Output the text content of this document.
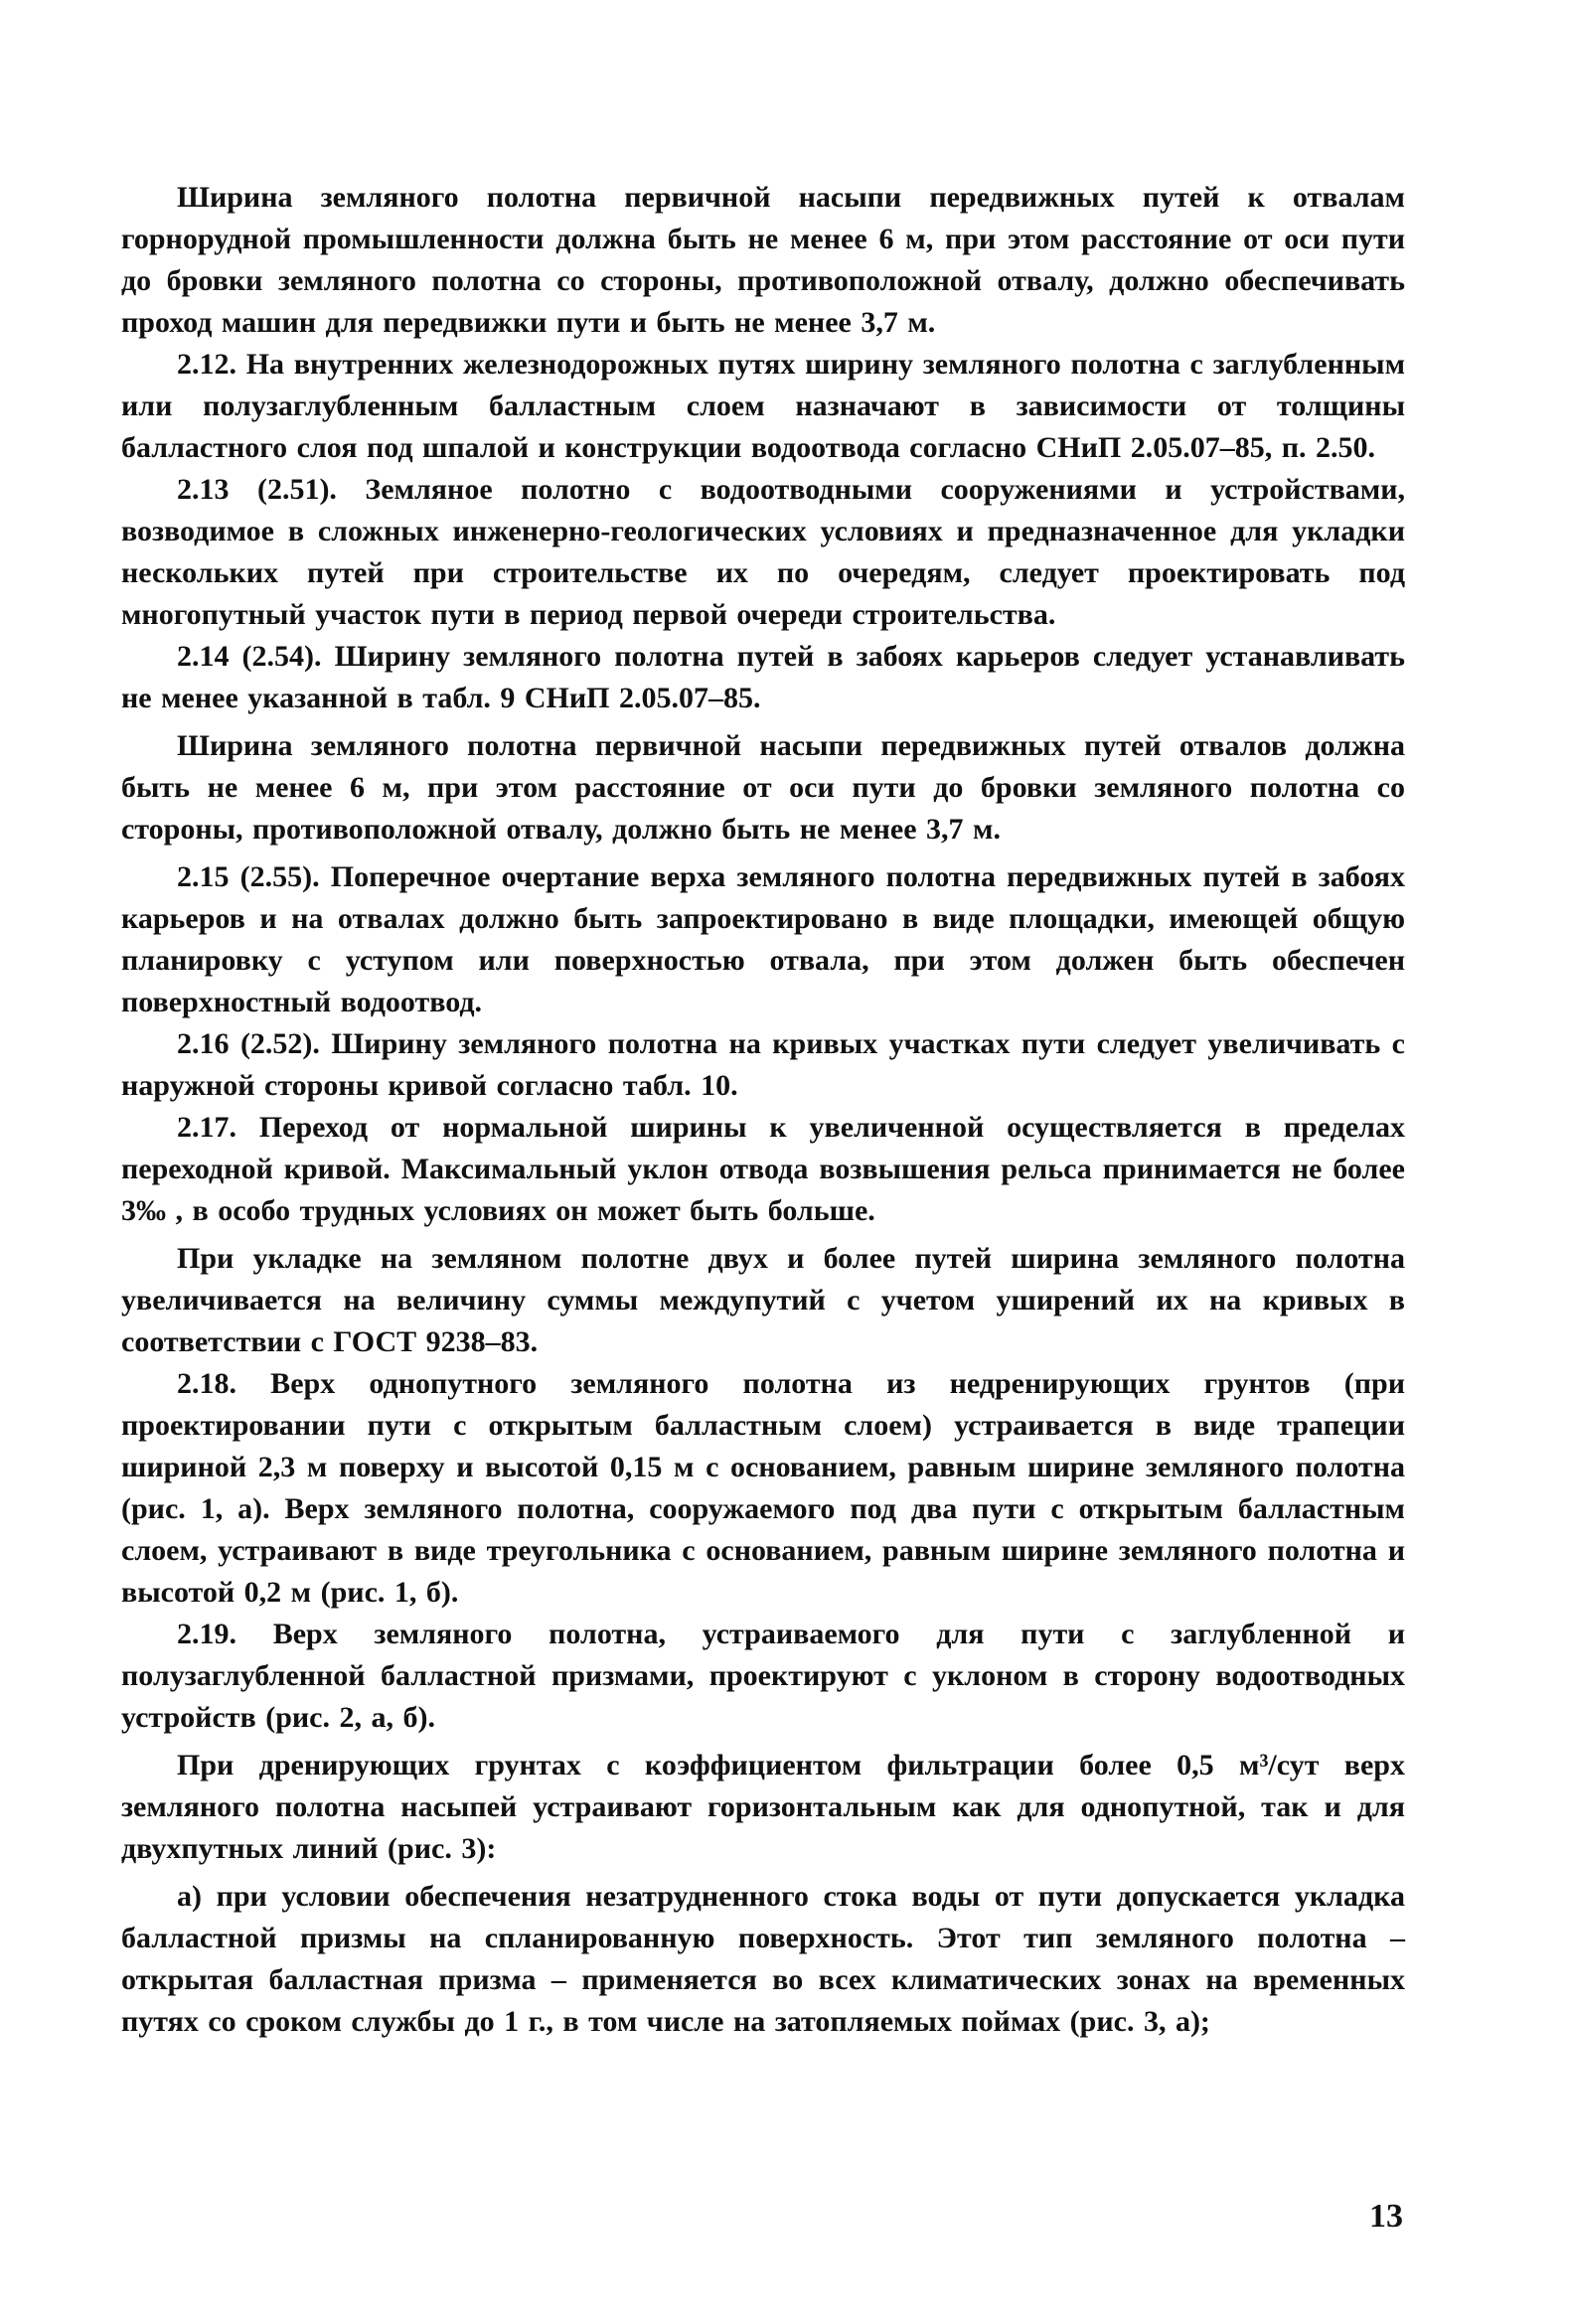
Ширина земляного полотна первичной насыпи передвижных путей к отвалам горнорудной промышленности должна быть не менее 6 м, при этом расстояние от оси пути до бровки земляного полотна со стороны, противоположной отвалу, должно обеспечивать проход машин для передвижки пути и быть не менее 3,7 м.

2.12. На внутренних железнодорожных путях ширину земляного полотна с заглубленным или полузаглубленным балластным слоем назначают в зависимости от толщины балластного слоя под шпалой и конструкции водоотвода согласно СНиП 2.05.07–85, п. 2.50.

2.13 (2.51). Земляное полотно с водоотводными сооружениями и устройствами, возводимое в сложных инженерно-геологических условиях и предназначенное для укладки нескольких путей при строительстве их по очередям, следует проектировать под многопутный участок пути в период первой очереди строительства.

2.14 (2.54). Ширину земляного полотна путей в забоях карьеров следует устанавливать не менее указанной в табл. 9 СНиП 2.05.07–85.

Ширина земляного полотна первичной насыпи передвижных путей отвалов должна быть не менее 6 м, при этом расстояние от оси пути до бровки земляного полотна со стороны, противоположной отвалу, должно быть не менее 3,7 м.

2.15 (2.55). Поперечное очертание верха земляного полотна передвижных путей в забоях карьеров и на отвалах должно быть запроектировано в виде площадки, имеющей общую планировку с уступом или поверхностью отвала, при этом должен быть обеспечен поверхностный водоотвод.

2.16 (2.52). Ширину земляного полотна на кривых участках пути следует увеличивать с наружной стороны кривой согласно табл. 10.

2.17. Переход от нормальной ширины к увеличенной осуществляется в пределах переходной кривой. Максимальный уклон отвода возвышения рельса принимается не более 3‰ , в особо трудных условиях он может быть больше.

При укладке на земляном полотне двух и более путей ширина земляного полотна увеличивается на величину суммы междупутий с учетом уширений их на кривых в соответствии с ГОСТ 9238–83.

2.18. Верх однопутного земляного полотна из недренирующих грунтов (при проектировании пути с открытым балластным слоем) устраивается в виде трапеции шириной 2,3 м поверху и высотой 0,15 м с основанием, равным ширине земляного полотна (рис. 1, а). Верх земляного полотна, сооружаемого под два пути с открытым балластным слоем, устраивают в виде треугольника с основанием, равным ширине земляного полотна и высотой 0,2 м (рис. 1, б).

2.19. Верх земляного полотна, устраиваемого для пути с заглубленной и полузаглубленной балластной призмами, проектируют с уклоном в сторону водоотводных устройств (рис. 2, а, б).

При дренирующих грунтах с коэффициентом фильтрации более 0,5 м³/сут верх земляного полотна насыпей устраивают горизонтальным как для однопутной, так и для двухпутных линий (рис. 3):

а) при условии обеспечения незатрудненного стока воды от пути допускается укладка балластной призмы на спланированную поверхность. Этот тип земляного полотна – открытая балластная призма – применяется во всех климатических зонах на временных путях со сроком службы до 1 г., в том числе на затопляемых поймах (рис. 3, а);

13
